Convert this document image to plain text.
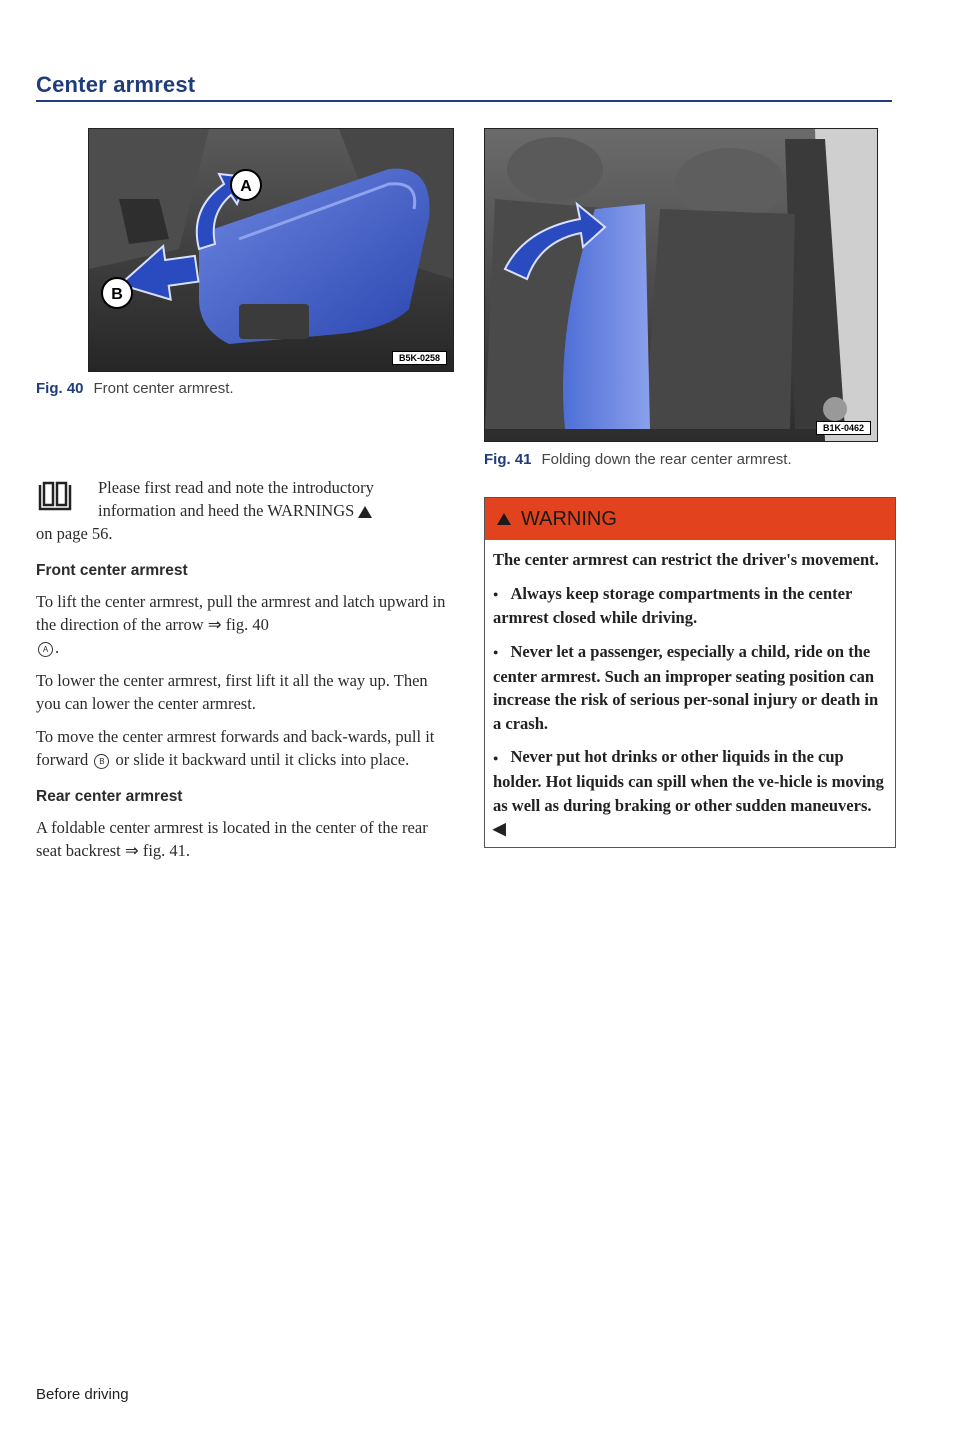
Center armrest
A
B
B5K-0258
Fig. 40 Front center armrest.
B1K-0462
Fig. 41 Folding down the rear center armrest.
Please first read and note the introductory
information and heed the WARNINGS
on page 56.
Front center armrest

To lift the center armrest, pull the armrest and latch upward in the direction of the arrow ⇒ fig. 40
A .

To lower the center armrest, first lift it all the way up. Then you can lower the center armrest.

To move the center armrest forwards and back-wards, pull it forward B or slide it backward until it clicks into place.

Rear center armrest

A foldable center armrest is located in the center of the rear seat backrest ⇒ fig. 41.

WARNING

The center armrest can restrict the driver's movement.

● Always keep storage compartments in the center armrest closed while driving.

● Never let a passenger, especially a child, ride on the center armrest. Such an improper seating position can increase the risk of serious per-sonal injury or death in a crash.

● Never put hot drinks or other liquids in the cup holder. Hot liquids can spill when the ve-hicle is moving as well as during braking or other sudden maneuvers. ◀

Before driving
